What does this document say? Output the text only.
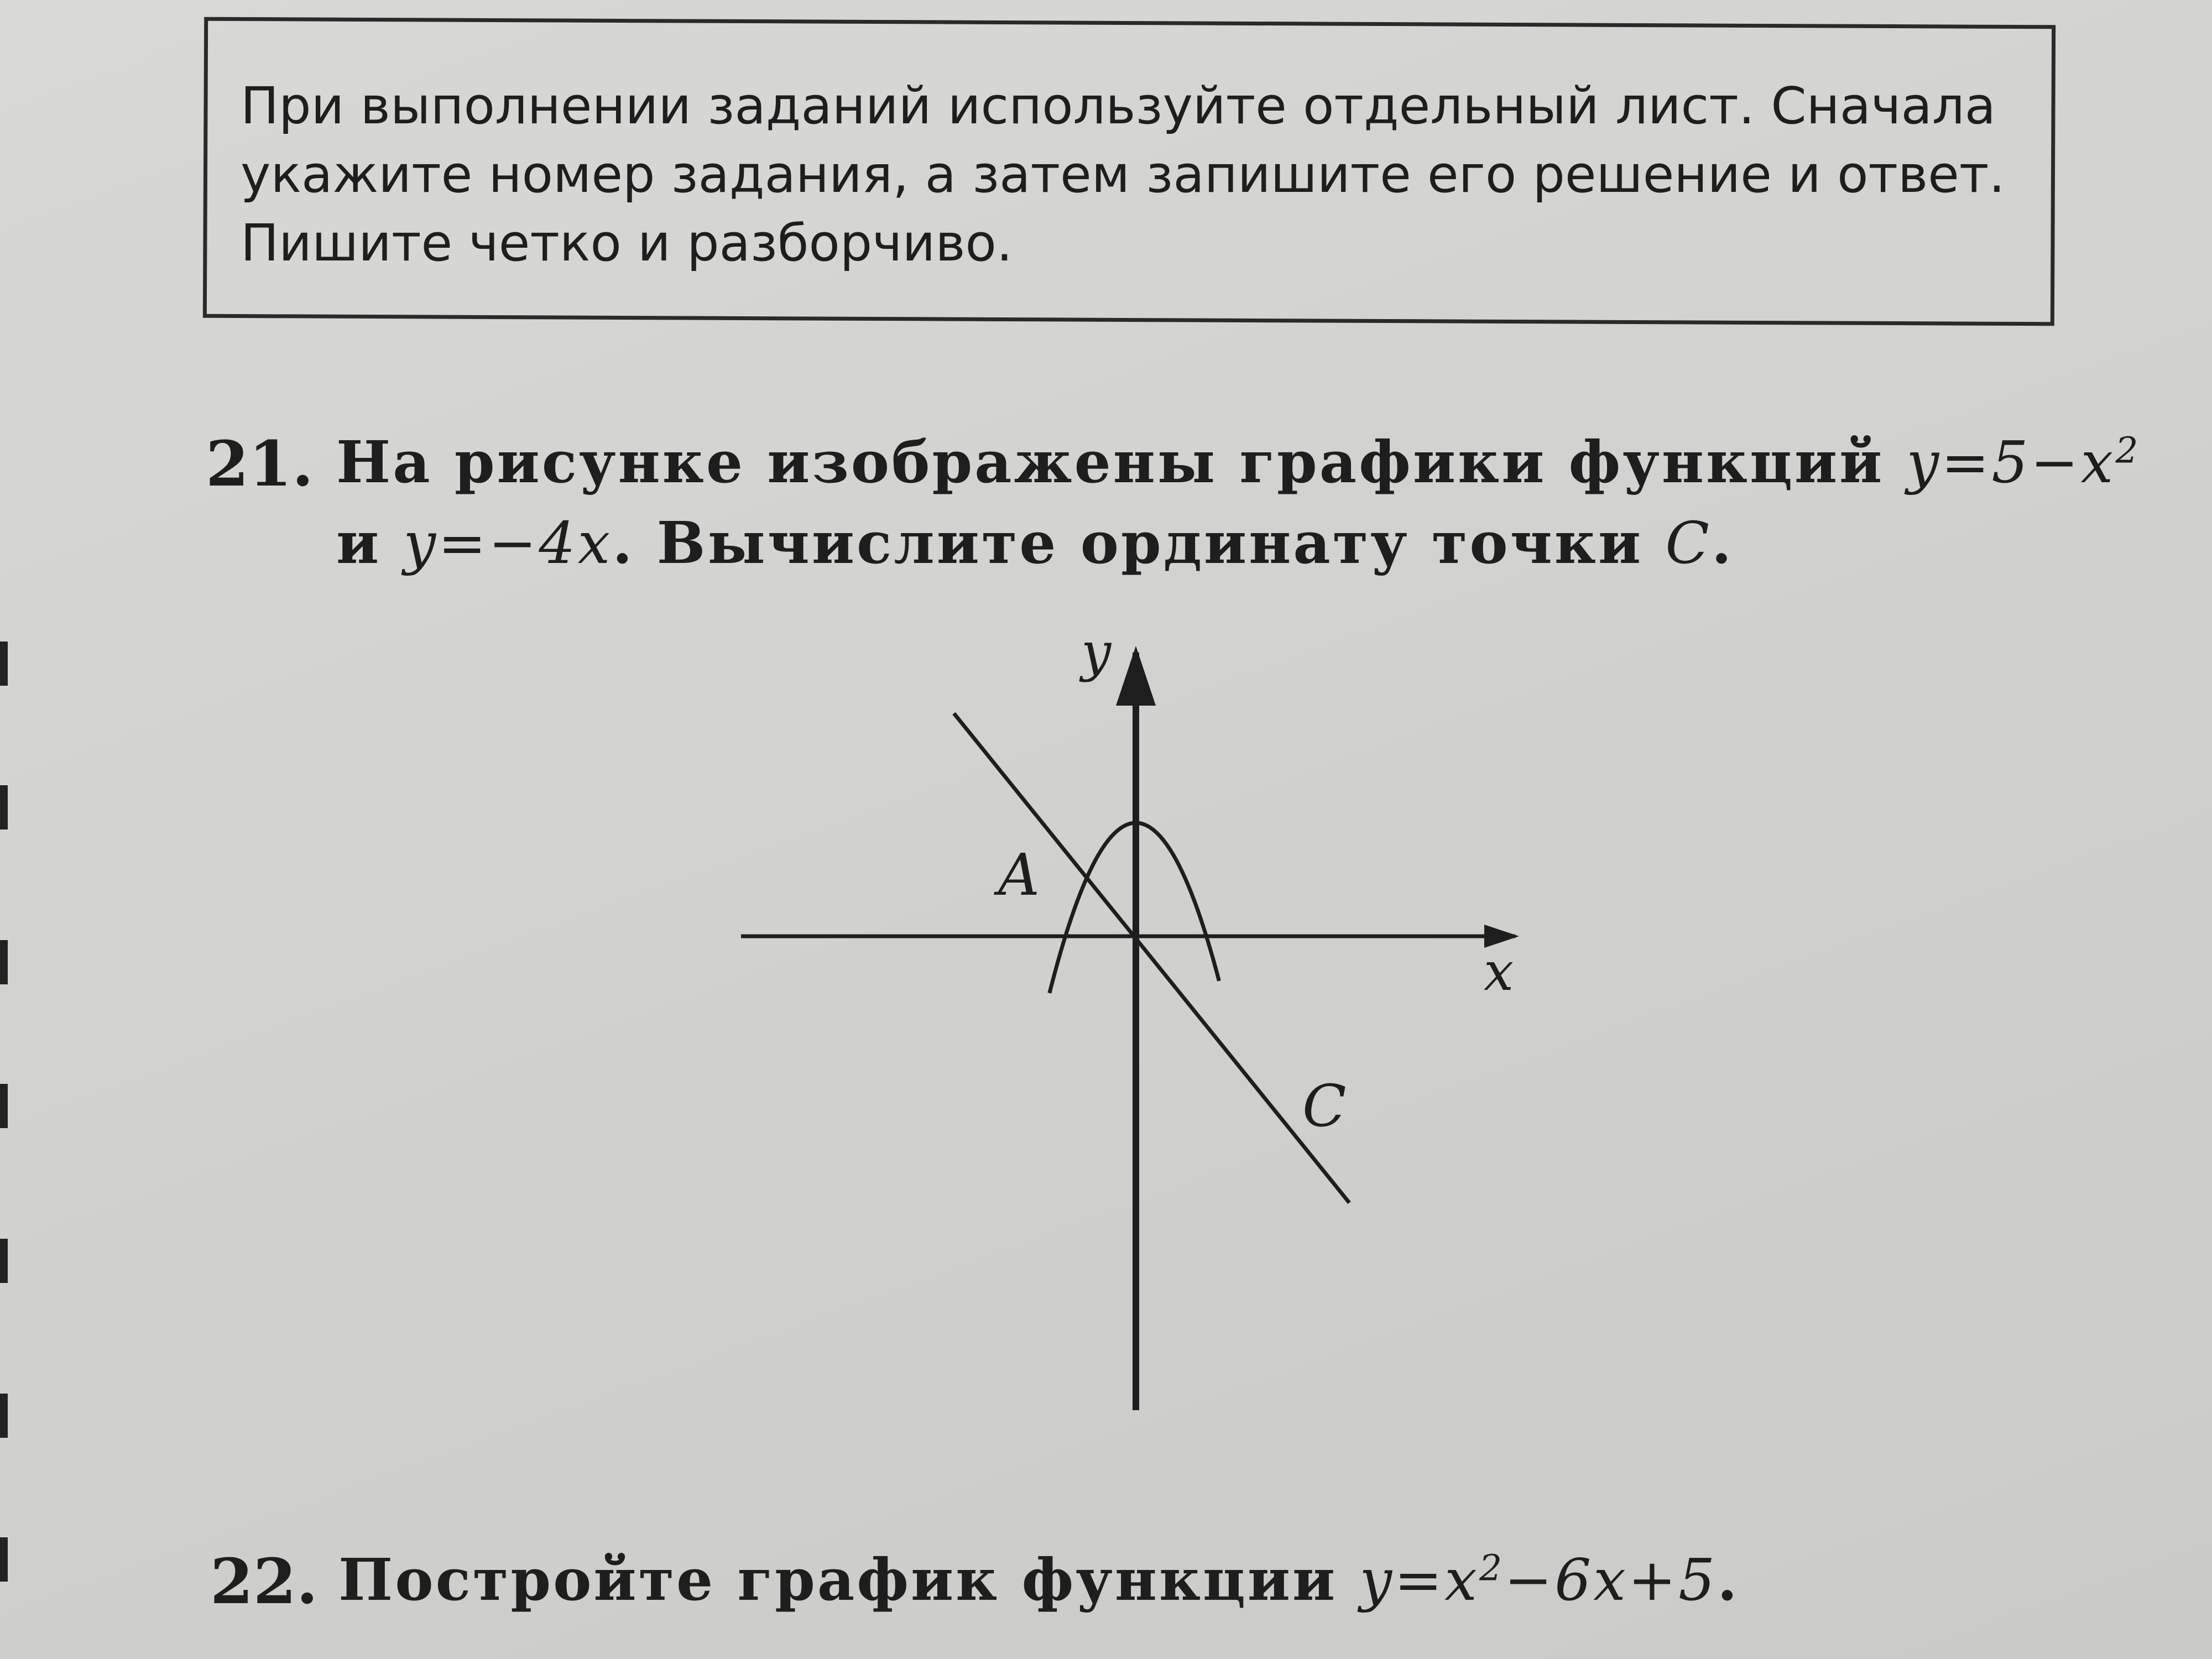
При выполнении заданий используйте отдельный лист. Сначала
укажите номер задания, а затем запишите его решение и ответ.
Пишите четко и разборчиво.
21. На рисунке изображены графики функций $y=5-x^2$
и y=−4x. Вычислите ординату точки C.
y
x
A
C
22. Постройте график функции $y=x^2-6x+5$.
